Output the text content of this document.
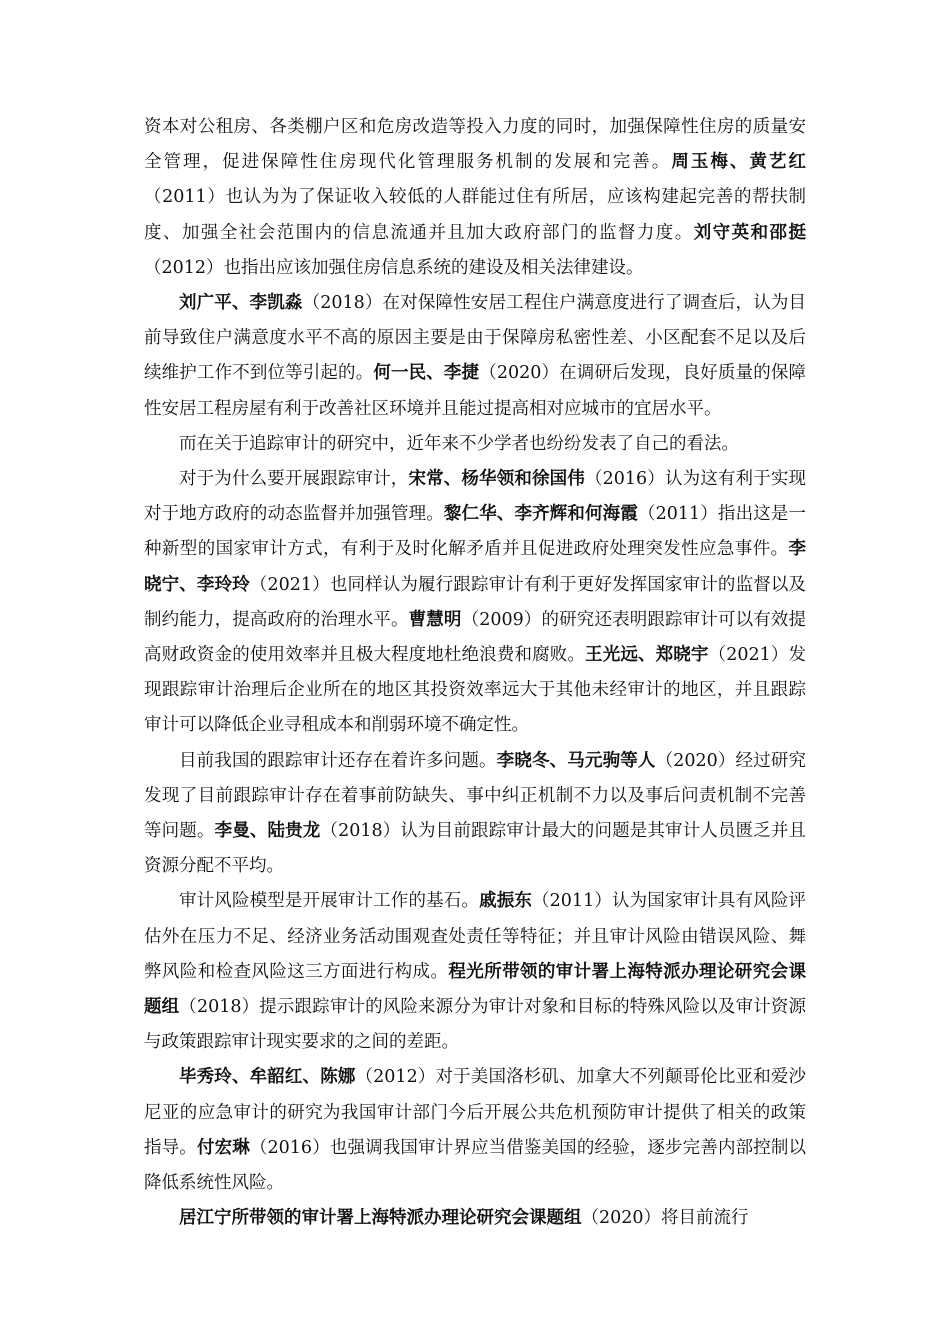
资本对公租房、各类棚户区和危房改造等投入力度的同时，加强保障性住房的质量安全管理，促进保障性住房现代化管理服务机制的发展和完善。周玉梅、黄艺红（2011）也认为为了保证收入较低的人群能过住有所居，应该构建起完善的帮扶制度、加强全社会范围内的信息流通并且加大政府部门的监督力度。刘守英和邵挺（2012）也指出应该加强住房信息系统的建设及相关法律建设。

刘广平、李凯淼（2018）在对保障性安居工程住户满意度进行了调查后，认为目前导致住户满意度水平不高的原因主要是由于保障房私密性差、小区配套不足以及后续维护工作不到位等引起的。何一民、李捷（2020）在调研后发现，良好质量的保障性安居工程房屋有利于改善社区环境并且能过提高相对应城市的宜居水平。

而在关于追踪审计的研究中，近年来不少学者也纷纷发表了自己的看法。

对于为什么要开展跟踪审计，宋常、杨华领和徐国伟（2016）认为这有利于实现对于地方政府的动态监督并加强管理。黎仁华、李齐辉和何海霞（2011）指出这是一种新型的国家审计方式，有利于及时化解矛盾并且促进政府处理突发性应急事件。李晓宁、李玲玲（2021）也同样认为履行跟踪审计有利于更好发挥国家审计的监督以及制约能力，提高政府的治理水平。曹慧明（2009）的研究还表明跟踪审计可以有效提高财政资金的使用效率并且极大程度地杜绝浪费和腐败。王光远、郑晓宇（2021）发现跟踪审计治理后企业所在的地区其投资效率远大于其他未经审计的地区，并且跟踪审计可以降低企业寻租成本和削弱环境不确定性。

目前我国的跟踪审计还存在着许多问题。李晓冬、马元驹等人（2020）经过研究发现了目前跟踪审计存在着事前防缺失、事中纠正机制不力以及事后问责机制不完善等问题。李曼、陆贵龙（2018）认为目前跟踪审计最大的问题是其审计人员匮乏并且资源分配不平均。

审计风险模型是开展审计工作的基石。戚振东（2011）认为国家审计具有风险评估外在压力不足、经济业务活动围观查处责任等特征；并且审计风险由错误风险、舞弊风险和检查风险这三方面进行构成。程光所带领的审计署上海特派办理论研究会课题组（2018）提示跟踪审计的风险来源分为审计对象和目标的特殊风险以及审计资源与政策跟踪审计现实要求的之间的差距。

毕秀玲、牟韶红、陈娜（2012）对于美国洛杉矶、加拿大不列颠哥伦比亚和爱沙尼亚的应急审计的研究为我国审计部门今后开展公共危机预防审计提供了相关的政策指导。付宏琳（2016）也强调我国审计界应当借鉴美国的经验，逐步完善内部控制以降低系统性风险。

居江宁所带领的审计署上海特派办理论研究会课题组（2020）将目前流行
